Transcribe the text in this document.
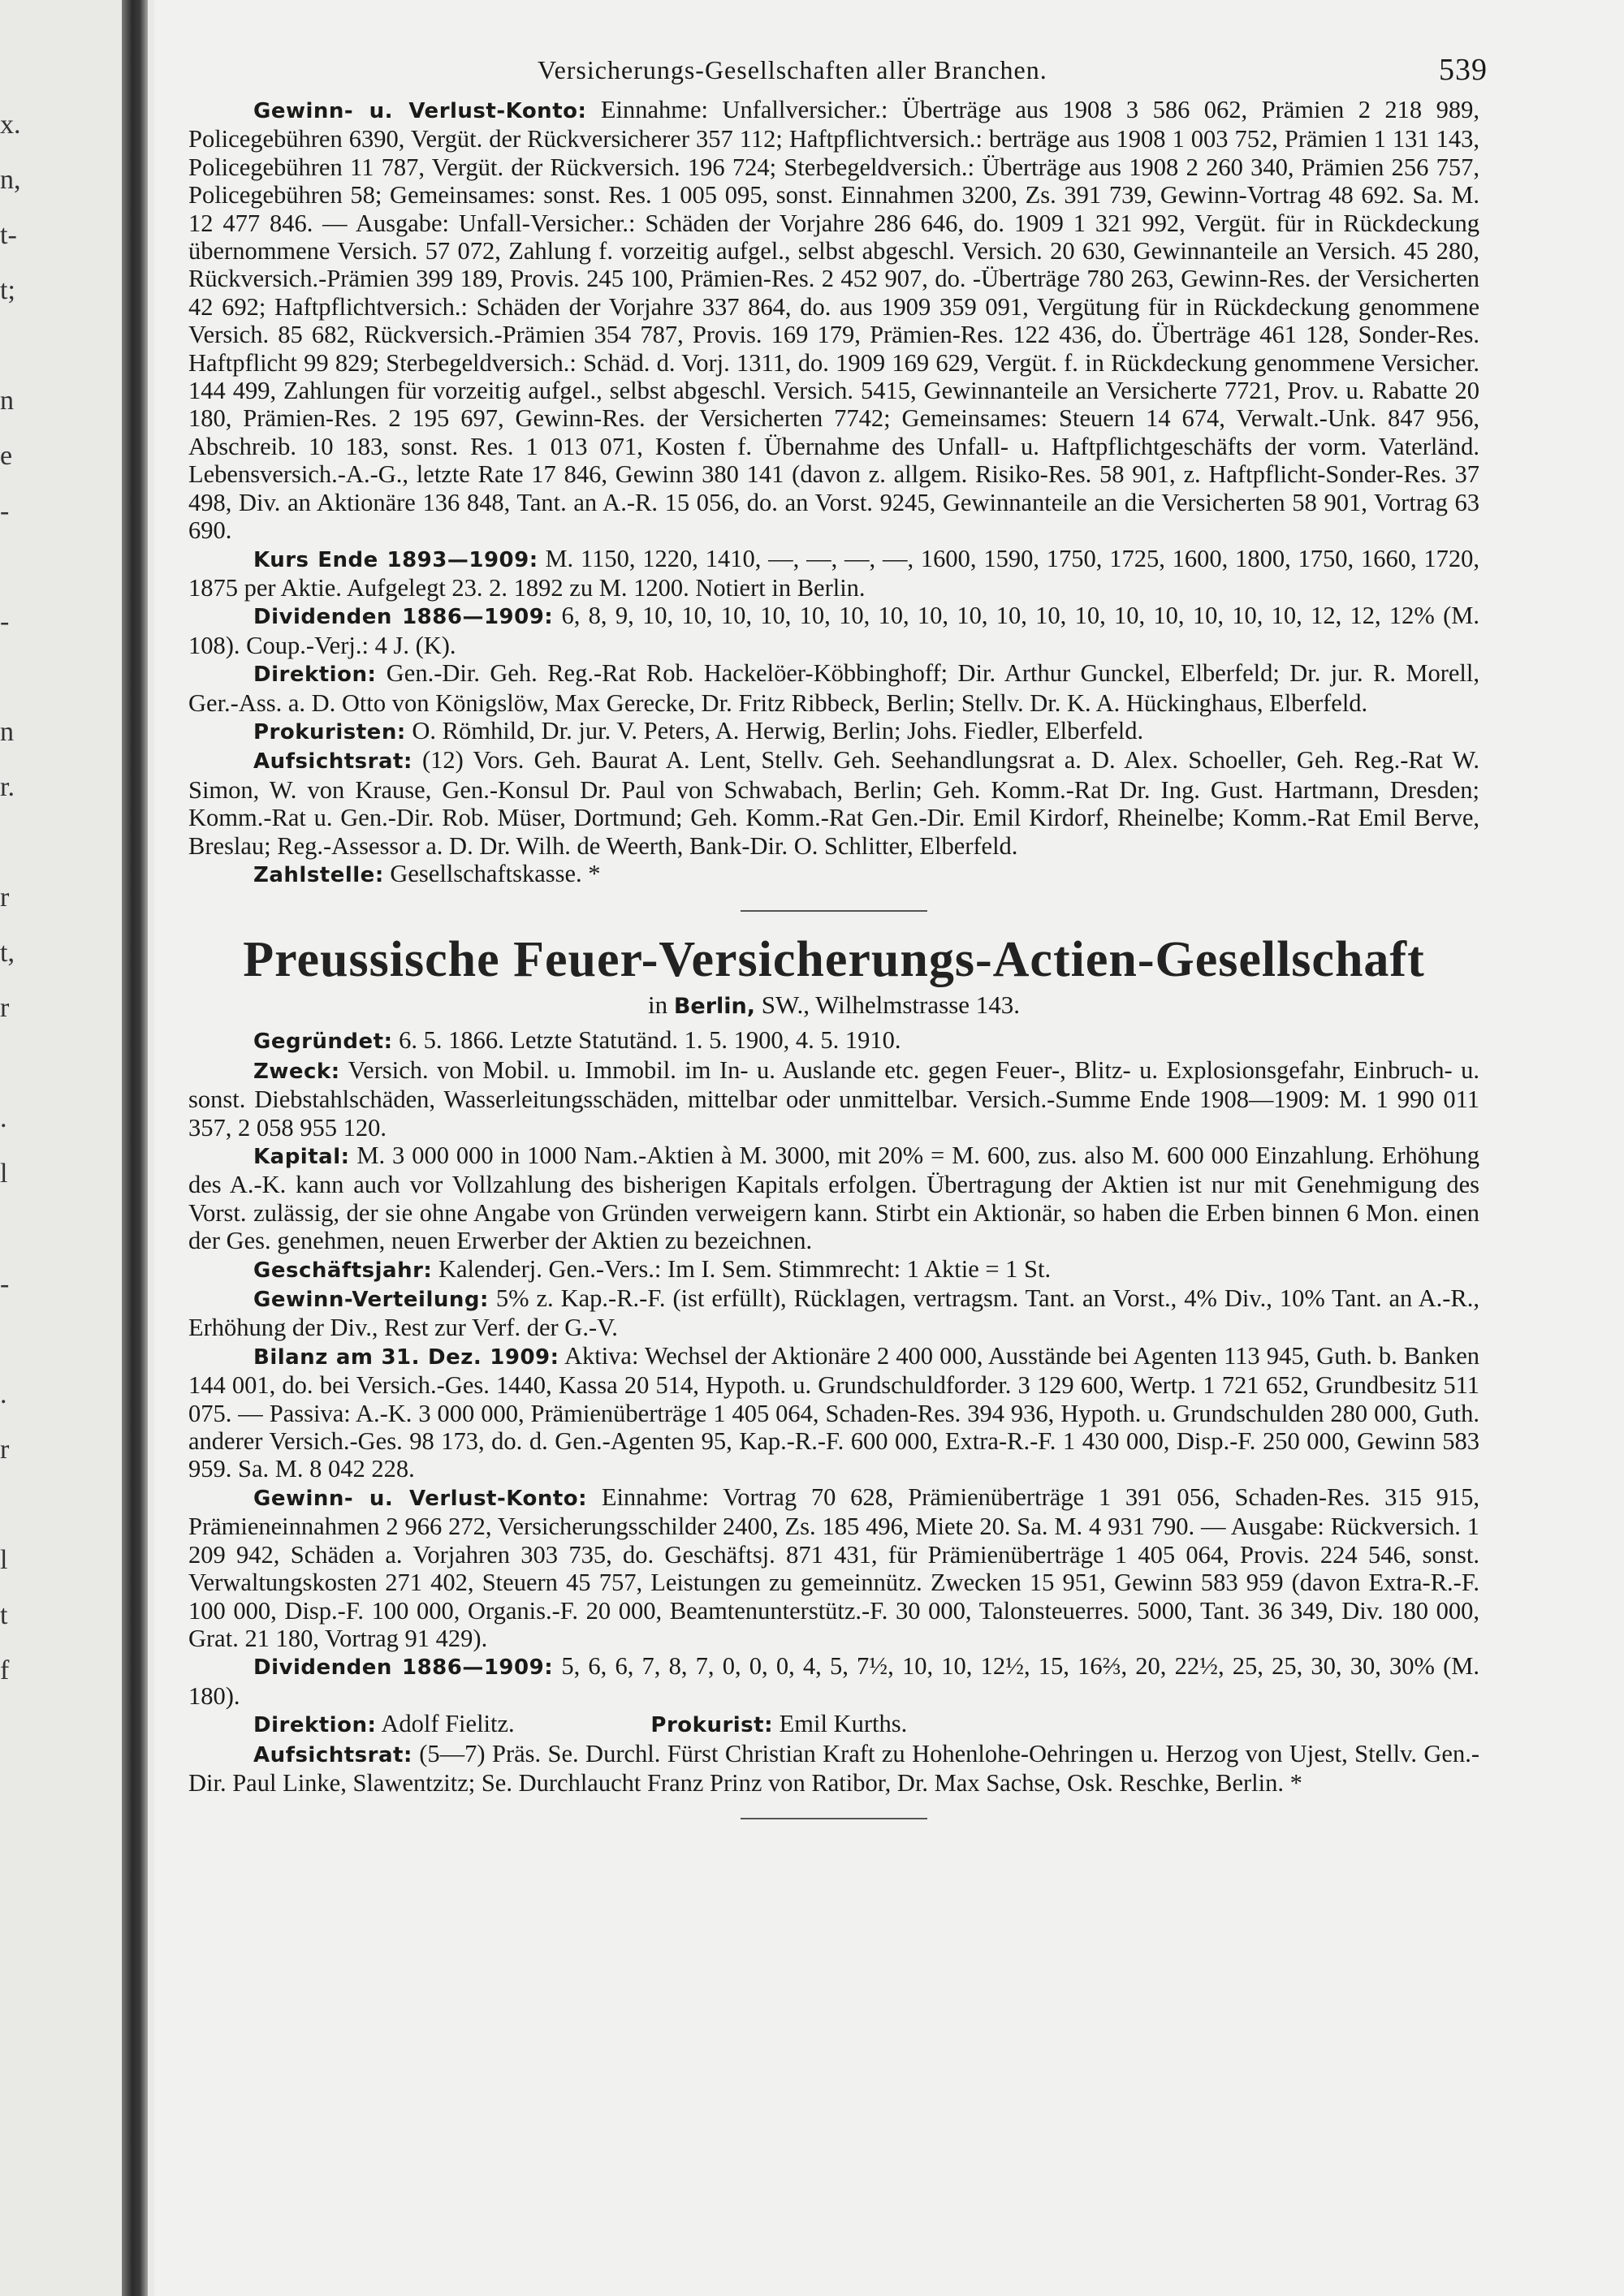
x.
n,
t-
t;
n
e
-
-
n
r.
r
t,
r
.
l
-
.
r
l
t
f
Versicherungs-Gesellschaften aller Branchen.	539

Gewinn- u. Verlust-Konto: Einnahme: Unfallversicher.: Überträge aus 1908 3 586 062, Prämien 2 218 989, Policegebühren 6390, Vergüt. der Rückversicherer 357 112; Haftpflichtversich.: berträge aus 1908 1 003 752, Prämien 1 131 143, Policegebühren 11 787, Vergüt. der Rückversich. 196 724; Sterbegeldversich.: Überträge aus 1908 2 260 340, Prämien 256 757, Policegebühren 58; Gemeinsames: sonst. Res. 1 005 095, sonst. Einnahmen 3200, Zs. 391 739, Gewinn-Vortrag 48 692. Sa. M. 12 477 846. — Ausgabe: Unfall-Versicher.: Schäden der Vorjahre 286 646, do. 1909 1 321 992, Vergüt. für in Rückdeckung übernommene Versich. 57 072, Zahlung f. vorzeitig aufgel., selbst abgeschl. Versich. 20 630, Gewinnanteile an Versich. 45 280, Rückversich.-Prämien 399 189, Provis. 245 100, Prämien-Res. 2 452 907, do. -Überträge 780 263, Gewinn-Res. der Versicherten 42 692; Haftpflichtversich.: Schäden der Vorjahre 337 864, do. aus 1909 359 091, Vergütung für in Rückdeckung genommene Versich. 85 682, Rückversich.-Prämien 354 787, Provis. 169 179, Prämien-Res. 122 436, do. Überträge 461 128, Sonder-Res. Haftpflicht 99 829; Sterbegeldversich.: Schäd. d. Vorj. 1311, do. 1909 169 629, Vergüt. f. in Rückdeckung genommene Versicher. 144 499, Zahlungen für vorzeitig aufgel., selbst abgeschl. Versich. 5415, Gewinnanteile an Versicherte 7721, Prov. u. Rabatte 20 180, Prämien-Res. 2 195 697, Gewinn-Res. der Versicherten 7742; Gemeinsames: Steuern 14 674, Verwalt.-Unk. 847 956, Abschreib. 10 183, sonst. Res. 1 013 071, Kosten f. Übernahme des Unfall- u. Haftpflichtgeschäfts der vorm. Vaterländ. Lebensversich.-A.-G., letzte Rate 17 846, Gewinn 380 141 (davon z. allgem. Risiko-Res. 58 901, z. Haftpflicht-Sonder-Res. 37 498, Div. an Aktionäre 136 848, Tant. an A.-R. 15 056, do. an Vorst. 9245, Gewinnanteile an die Versicherten 58 901, Vortrag 63 690.

Kurs Ende 1893—1909: M. 1150, 1220, 1410, —, —, —, —, 1600, 1590, 1750, 1725, 1600, 1800, 1750, 1660, 1720, 1875 per Aktie. Aufgelegt 23. 2. 1892 zu M. 1200. Notiert in Berlin.

Dividenden 1886—1909: 6, 8, 9, 10, 10, 10, 10, 10, 10, 10, 10, 10, 10, 10, 10, 10, 10, 10, 10, 10, 12, 12, 12% (M. 108). Coup.-Verj.: 4 J. (K).

Direktion: Gen.-Dir. Geh. Reg.-Rat Rob. Hackelöer-Köbbinghoff; Dir. Arthur Gunckel, Elberfeld; Dr. jur. R. Morell, Ger.-Ass. a. D. Otto von Königslöw, Max Gerecke, Dr. Fritz Ribbeck, Berlin; Stellv. Dr. K. A. Hückinghaus, Elberfeld.

Prokuristen: O. Römhild, Dr. jur. V. Peters, A. Herwig, Berlin; Johs. Fiedler, Elberfeld.

Aufsichtsrat: (12) Vors. Geh. Baurat A. Lent, Stellv. Geh. Seehandlungsrat a. D. Alex. Schoeller, Geh. Reg.-Rat W. Simon, W. von Krause, Gen.-Konsul Dr. Paul von Schwabach, Berlin; Geh. Komm.-Rat Dr. Ing. Gust. Hartmann, Dresden; Komm.-Rat u. Gen.-Dir. Rob. Müser, Dortmund; Geh. Komm.-Rat Gen.-Dir. Emil Kirdorf, Rheinelbe; Komm.-Rat Emil Berve, Breslau; Reg.-Assessor a. D. Dr. Wilh. de Weerth, Bank-Dir. O. Schlitter, Elberfeld.

Zahlstelle: Gesellschaftskasse. *

Preussische Feuer-Versicherungs-Actien-Gesellschaft
in Berlin, SW., Wilhelmstrasse 143.

Gegründet: 6. 5. 1866. Letzte Statutänd. 1. 5. 1900, 4. 5. 1910.

Zweck: Versich. von Mobil. u. Immobil. im In- u. Auslande etc. gegen Feuer-, Blitz- u. Explosionsgefahr, Einbruch- u. sonst. Diebstahlschäden, Wasserleitungsschäden, mittelbar oder unmittelbar. Versich.-Summe Ende 1908—1909: M. 1 990 011 357, 2 058 955 120.

Kapital: M. 3 000 000 in 1000 Nam.-Aktien à M. 3000, mit 20% = M. 600, zus. also M. 600 000 Einzahlung. Erhöhung des A.-K. kann auch vor Vollzahlung des bisherigen Kapitals erfolgen. Übertragung der Aktien ist nur mit Genehmigung des Vorst. zulässig, der sie ohne Angabe von Gründen verweigern kann. Stirbt ein Aktionär, so haben die Erben binnen 6 Mon. einen der Ges. genehmen, neuen Erwerber der Aktien zu bezeichnen.

Geschäftsjahr: Kalenderj. Gen.-Vers.: Im I. Sem. Stimmrecht: 1 Aktie = 1 St.

Gewinn-Verteilung: 5% z. Kap.-R.-F. (ist erfüllt), Rücklagen, vertragsm. Tant. an Vorst., 4% Div., 10% Tant. an A.-R., Erhöhung der Div., Rest zur Verf. der G.-V.

Bilanz am 31. Dez. 1909: Aktiva: Wechsel der Aktionäre 2 400 000, Ausstände bei Agenten 113 945, Guth. b. Banken 144 001, do. bei Versich.-Ges. 1440, Kassa 20 514, Hypoth. u. Grundschuldforder. 3 129 600, Wertp. 1 721 652, Grundbesitz 511 075. — Passiva: A.-K. 3 000 000, Prämienüberträge 1 405 064, Schaden-Res. 394 936, Hypoth. u. Grundschulden 280 000, Guth. anderer Versich.-Ges. 98 173, do. d. Gen.-Agenten 95, Kap.-R.-F. 600 000, Extra-R.-F. 1 430 000, Disp.-F. 250 000, Gewinn 583 959. Sa. M. 8 042 228.

Gewinn- u. Verlust-Konto: Einnahme: Vortrag 70 628, Prämienüberträge 1 391 056, Schaden-Res. 315 915, Prämieneinnahmen 2 966 272, Versicherungsschilder 2400, Zs. 185 496, Miete 20. Sa. M. 4 931 790. — Ausgabe: Rückversich. 1 209 942, Schäden a. Vorjahren 303 735, do. Geschäftsj. 871 431, für Prämienüberträge 1 405 064, Provis. 224 546, sonst. Verwaltungskosten 271 402, Steuern 45 757, Leistungen zu gemeinnütz. Zwecken 15 951, Gewinn 583 959 (davon Extra-R.-F. 100 000, Disp.-F. 100 000, Organis.-F. 20 000, Beamtenunterstütz.-F. 30 000, Talonsteuerres. 5000, Tant. 36 349, Div. 180 000, Grat. 21 180, Vortrag 91 429).

Dividenden 1886—1909: 5, 6, 6, 7, 8, 7, 0, 0, 0, 4, 5, 7½, 10, 10, 12½, 15, 16⅔, 20, 22½, 25, 25, 30, 30, 30% (M. 180).

Direktion: Adolf Fielitz.	Prokurist: Emil Kurths.

Aufsichtsrat: (5—7) Präs. Se. Durchl. Fürst Christian Kraft zu Hohenlohe-Oehringen u. Herzog von Ujest, Stellv. Gen.-Dir. Paul Linke, Slawentzitz; Se. Durchlaucht Franz Prinz von Ratibor, Dr. Max Sachse, Osk. Reschke, Berlin. *
